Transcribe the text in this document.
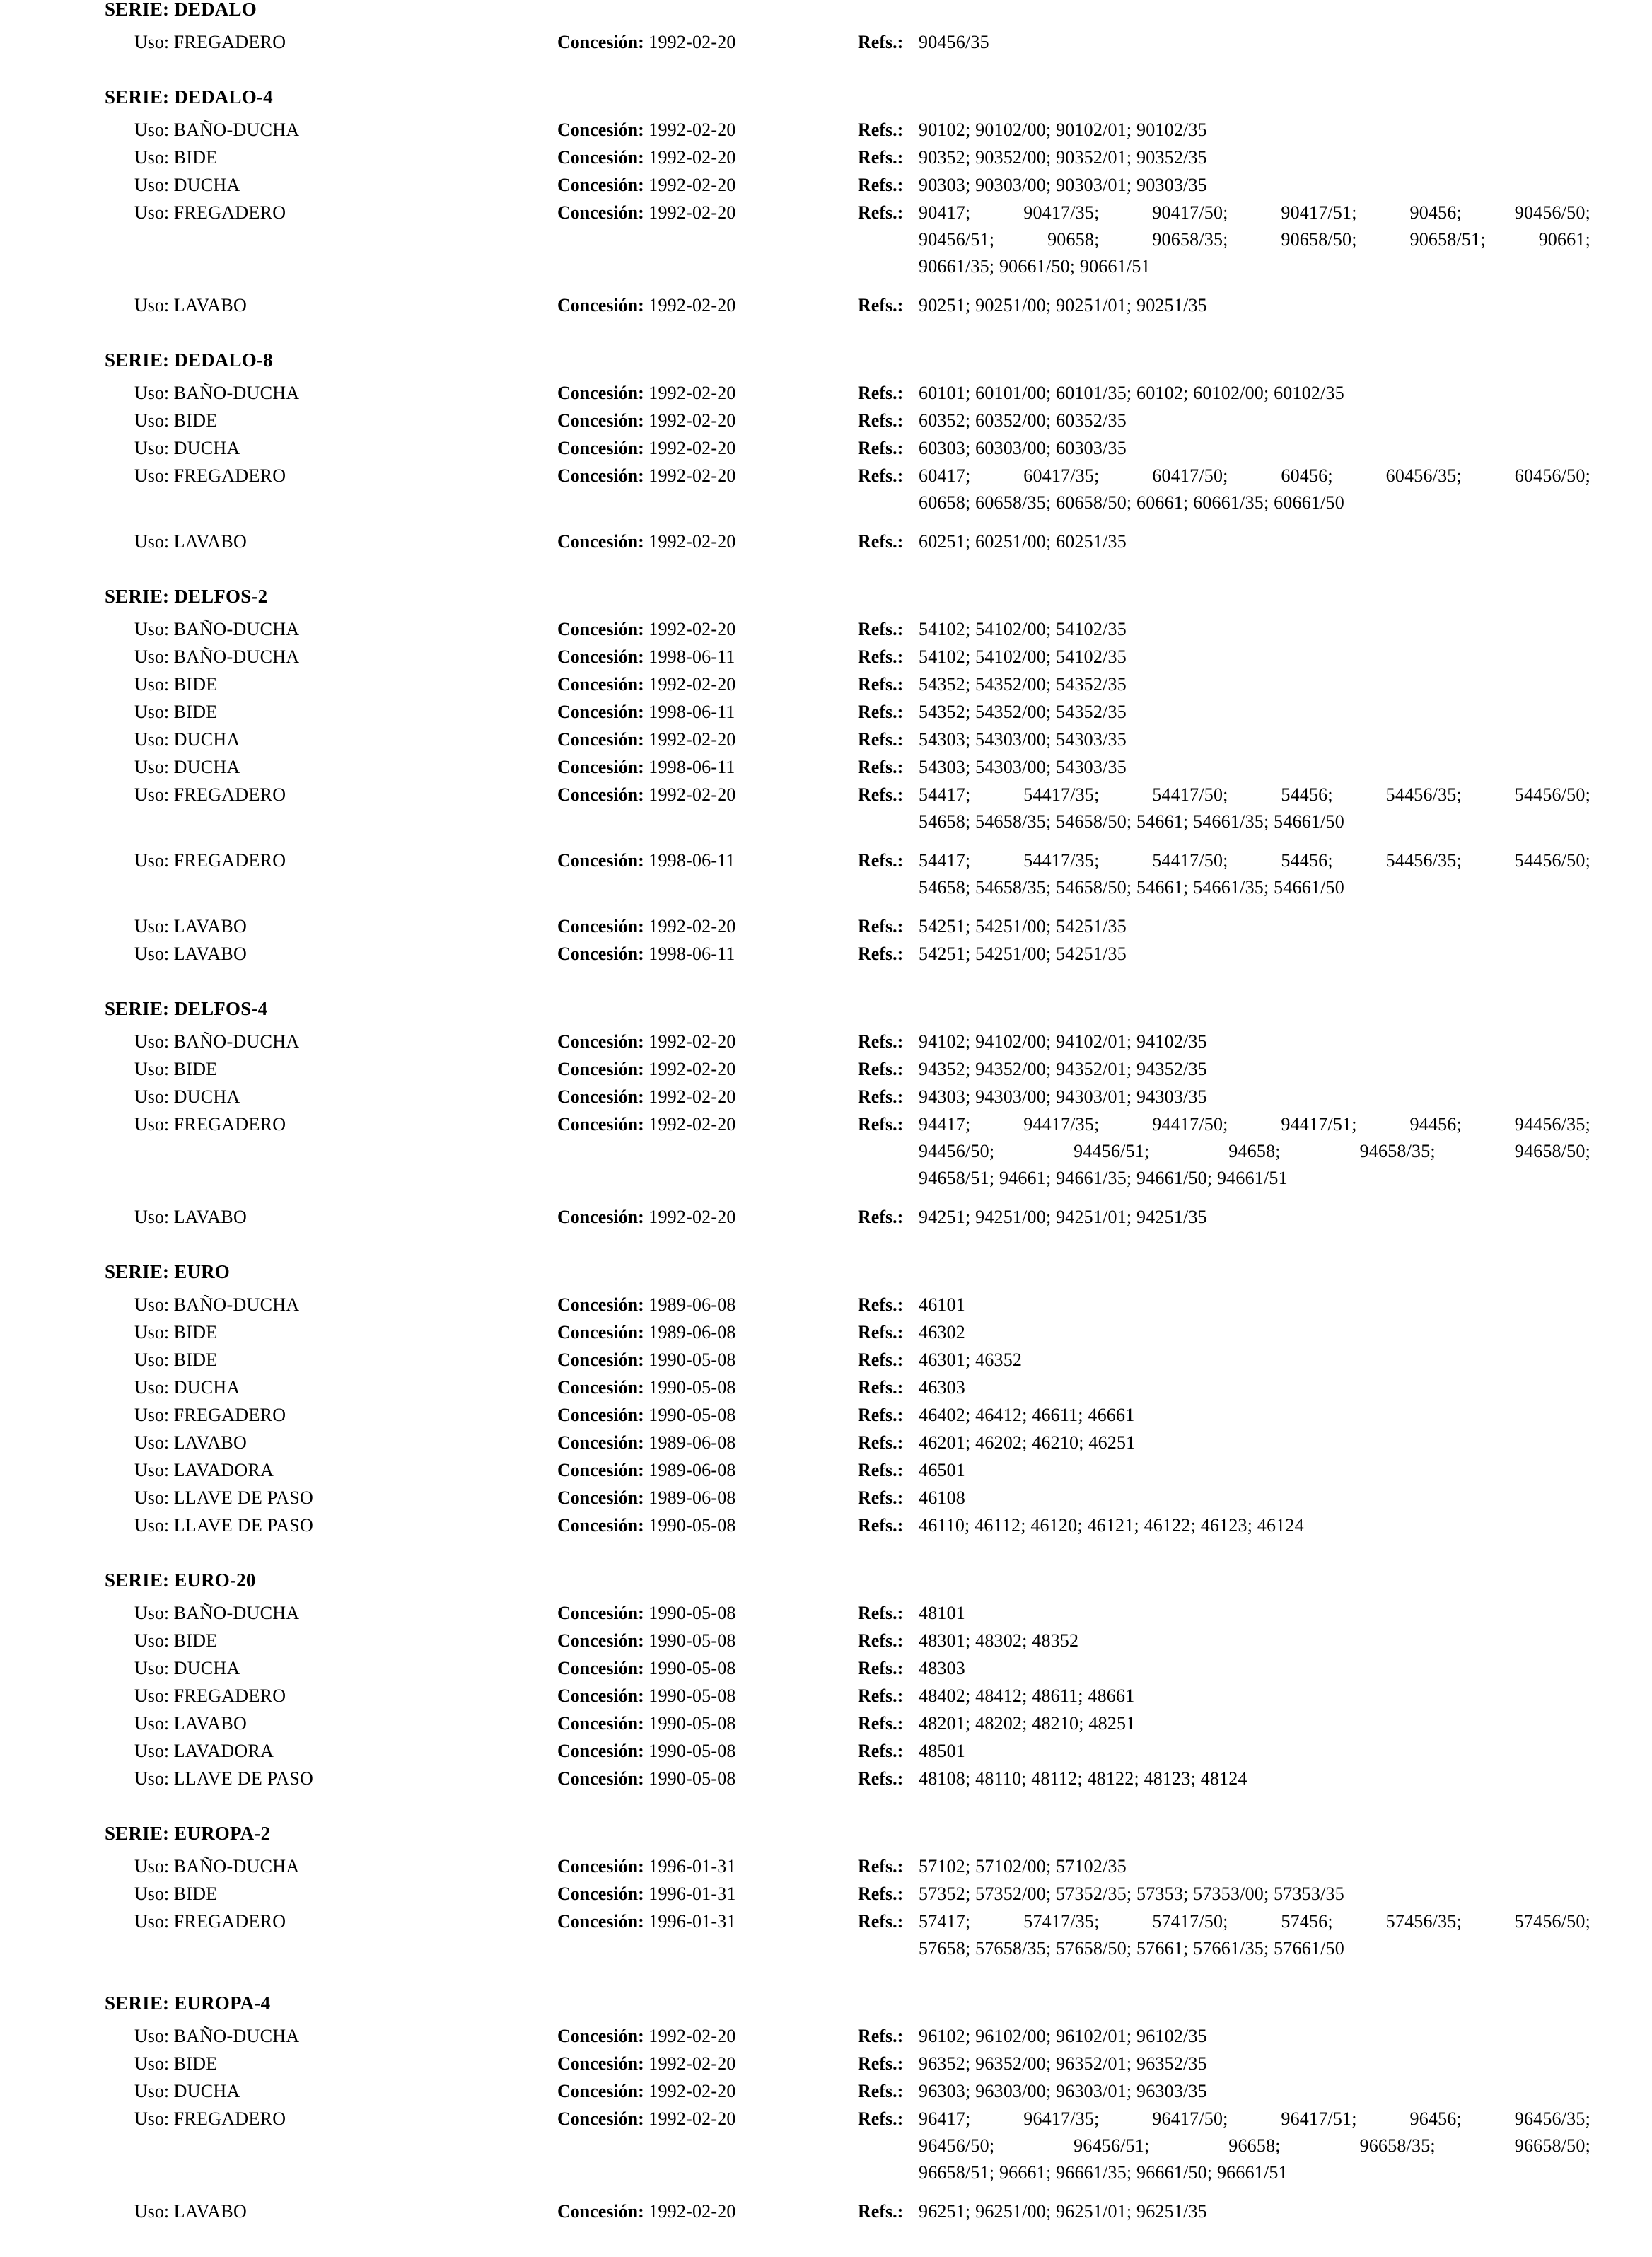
SERIE: DEDALO
Uso: FREGADERO	Concesión: 1992-02-20	Refs.: 90456/35
SERIE: DEDALO-4
Uso: BAÑO-DUCHA	Concesión: 1992-02-20	Refs.: 90102; 90102/00; 90102/01; 90102/35
Uso: BIDE	Concesión: 1992-02-20	Refs.: 90352; 90352/00; 90352/01; 90352/35
Uso: DUCHA	Concesión: 1992-02-20	Refs.: 90303; 90303/00; 90303/01; 90303/35
Uso: FREGADERO	Concesión: 1992-02-20	Refs.: 90417; 90417/35; 90417/50; 90417/51; 90456; 90456/50;
90456/51; 90658; 90658/35; 90658/50; 90658/51; 90661;
90661/35; 90661/50; 90661/51
Uso: LAVABO	Concesión: 1992-02-20	Refs.: 90251; 90251/00; 90251/01; 90251/35
SERIE: DEDALO-8
Uso: BAÑO-DUCHA	Concesión: 1992-02-20	Refs.: 60101; 60101/00; 60101/35; 60102; 60102/00; 60102/35
Uso: BIDE	Concesión: 1992-02-20	Refs.: 60352; 60352/00; 60352/35
Uso: DUCHA	Concesión: 1992-02-20	Refs.: 60303; 60303/00; 60303/35
Uso: FREGADERO	Concesión: 1992-02-20	Refs.: 60417; 60417/35; 60417/50; 60456; 60456/35; 60456/50;
60658; 60658/35; 60658/50; 60661; 60661/35; 60661/50
Uso: LAVABO	Concesión: 1992-02-20	Refs.: 60251; 60251/00; 60251/35
SERIE: DELFOS-2
Uso: BAÑO-DUCHA	Concesión: 1992-02-20	Refs.: 54102; 54102/00; 54102/35
Uso: BAÑO-DUCHA	Concesión: 1998-06-11	Refs.: 54102; 54102/00; 54102/35
Uso: BIDE	Concesión: 1992-02-20	Refs.: 54352; 54352/00; 54352/35
Uso: BIDE	Concesión: 1998-06-11	Refs.: 54352; 54352/00; 54352/35
Uso: DUCHA	Concesión: 1992-02-20	Refs.: 54303; 54303/00; 54303/35
Uso: DUCHA	Concesión: 1998-06-11	Refs.: 54303; 54303/00; 54303/35
Uso: FREGADERO	Concesión: 1992-02-20	Refs.: 54417; 54417/35; 54417/50; 54456; 54456/35; 54456/50;
54658; 54658/35; 54658/50; 54661; 54661/35; 54661/50
Uso: FREGADERO	Concesión: 1998-06-11	Refs.: 54417; 54417/35; 54417/50; 54456; 54456/35; 54456/50;
54658; 54658/35; 54658/50; 54661; 54661/35; 54661/50
Uso: LAVABO	Concesión: 1992-02-20	Refs.: 54251; 54251/00; 54251/35
Uso: LAVABO	Concesión: 1998-06-11	Refs.: 54251; 54251/00; 54251/35
SERIE: DELFOS-4
Uso: BAÑO-DUCHA	Concesión: 1992-02-20	Refs.: 94102; 94102/00; 94102/01; 94102/35
Uso: BIDE	Concesión: 1992-02-20	Refs.: 94352; 94352/00; 94352/01; 94352/35
Uso: DUCHA	Concesión: 1992-02-20	Refs.: 94303; 94303/00; 94303/01; 94303/35
Uso: FREGADERO	Concesión: 1992-02-20	Refs.: 94417; 94417/35; 94417/50; 94417/51; 94456; 94456/35;
94456/50; 94456/51; 94658; 94658/35; 94658/50;
94658/51; 94661; 94661/35; 94661/50; 94661/51
Uso: LAVABO	Concesión: 1992-02-20	Refs.: 94251; 94251/00; 94251/01; 94251/35
SERIE: EURO
Uso: BAÑO-DUCHA	Concesión: 1989-06-08	Refs.: 46101
Uso: BIDE	Concesión: 1989-06-08	Refs.: 46302
Uso: BIDE	Concesión: 1990-05-08	Refs.: 46301; 46352
Uso: DUCHA	Concesión: 1990-05-08	Refs.: 46303
Uso: FREGADERO	Concesión: 1990-05-08	Refs.: 46402; 46412; 46611; 46661
Uso: LAVABO	Concesión: 1989-06-08	Refs.: 46201; 46202; 46210; 46251
Uso: LAVADORA	Concesión: 1989-06-08	Refs.: 46501
Uso: LLAVE DE PASO	Concesión: 1989-06-08	Refs.: 46108
Uso: LLAVE DE PASO	Concesión: 1990-05-08	Refs.: 46110; 46112; 46120; 46121; 46122; 46123; 46124
SERIE: EURO-20
Uso: BAÑO-DUCHA	Concesión: 1990-05-08	Refs.: 48101
Uso: BIDE	Concesión: 1990-05-08	Refs.: 48301; 48302; 48352
Uso: DUCHA	Concesión: 1990-05-08	Refs.: 48303
Uso: FREGADERO	Concesión: 1990-05-08	Refs.: 48402; 48412; 48611; 48661
Uso: LAVABO	Concesión: 1990-05-08	Refs.: 48201; 48202; 48210; 48251
Uso: LAVADORA	Concesión: 1990-05-08	Refs.: 48501
Uso: LLAVE DE PASO	Concesión: 1990-05-08	Refs.: 48108; 48110; 48112; 48122; 48123; 48124
SERIE: EUROPA-2
Uso: BAÑO-DUCHA	Concesión: 1996-01-31	Refs.: 57102; 57102/00; 57102/35
Uso: BIDE	Concesión: 1996-01-31	Refs.: 57352; 57352/00; 57352/35; 57353; 57353/00; 57353/35
Uso: FREGADERO	Concesión: 1996-01-31	Refs.: 57417; 57417/35; 57417/50; 57456; 57456/35; 57456/50;
57658; 57658/35; 57658/50; 57661; 57661/35; 57661/50
SERIE: EUROPA-4
Uso: BAÑO-DUCHA	Concesión: 1992-02-20	Refs.: 96102; 96102/00; 96102/01; 96102/35
Uso: BIDE	Concesión: 1992-02-20	Refs.: 96352; 96352/00; 96352/01; 96352/35
Uso: DUCHA	Concesión: 1992-02-20	Refs.: 96303; 96303/00; 96303/01; 96303/35
Uso: FREGADERO	Concesión: 1992-02-20	Refs.: 96417; 96417/35; 96417/50; 96417/51; 96456; 96456/35;
96456/50; 96456/51; 96658; 96658/35; 96658/50;
96658/51; 96661; 96661/35; 96661/50; 96661/51
Uso: LAVABO	Concesión: 1992-02-20	Refs.: 96251; 96251/00; 96251/01; 96251/35
